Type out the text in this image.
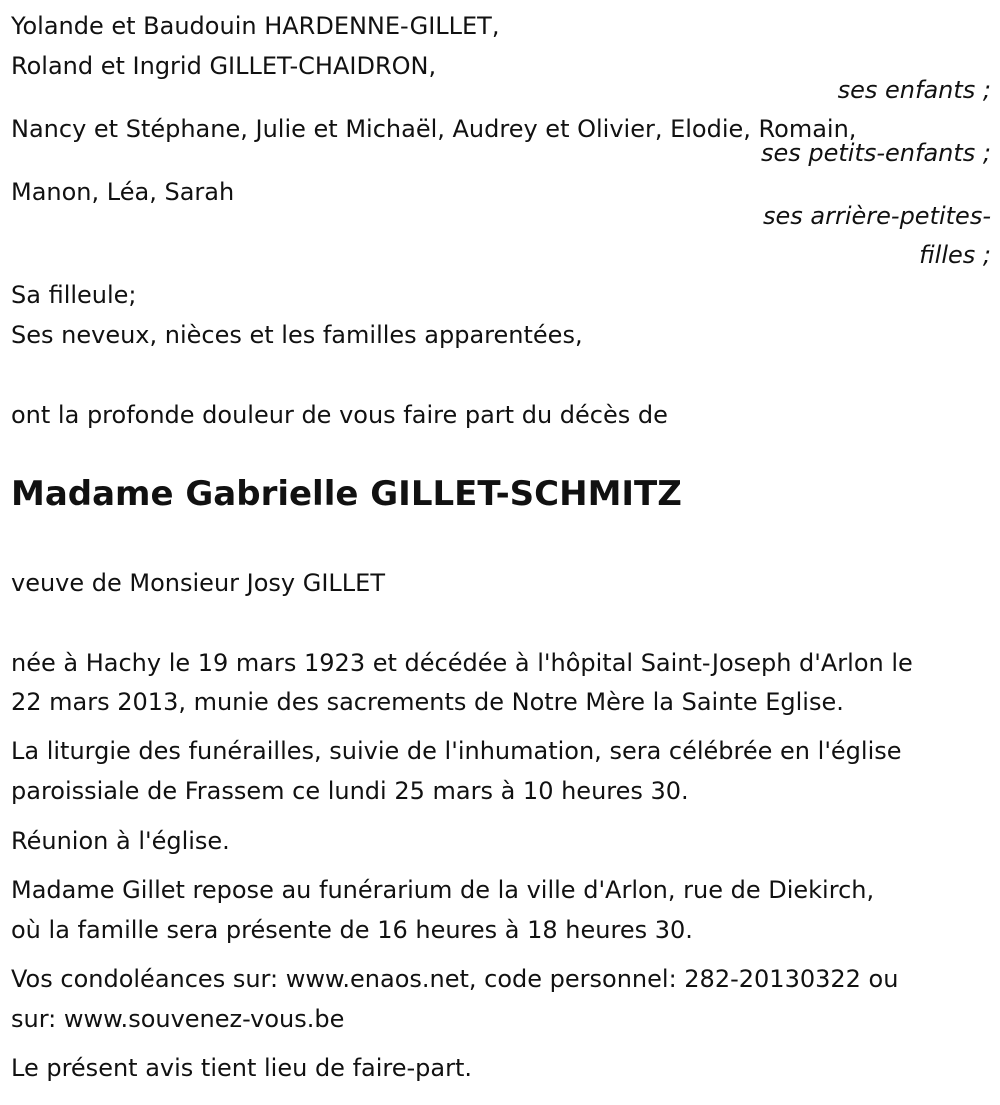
Yolande et Baudouin HARDENNE-GILLET,
Roland et Ingrid GILLET-CHAIDRON,
ses enfants ;
Nancy et Stéphane, Julie et Michaël, Audrey et Olivier, Elodie, Romain,
ses petits-enfants ;
Manon, Léa, Sarah
ses arrière-petites-
filles ;
Sa filleule;
Ses neveux, nièces et les familles apparentées,
ont la profonde douleur de vous faire part du décès de
Madame Gabrielle GILLET-SCHMITZ
veuve de Monsieur Josy GILLET
née à Hachy le 19 mars 1923 et décédée à l'hôpital Saint-Joseph d'Arlon le
22 mars 2013, munie des sacrements de Notre Mère la Sainte Eglise.
La liturgie des funérailles, suivie de l'inhumation, sera célébrée en l'église
paroissiale de Frassem ce lundi 25 mars à 10 heures 30.
Réunion à l'église.
Madame Gillet repose au funérarium de la ville d'Arlon, rue de Diekirch,
où la famille sera présente de 16 heures à 18 heures 30.
Vos condoléances sur: www.enaos.net, code personnel: 282-20130322 ou
sur: www.souvenez-vous.be
Le présent avis tient lieu de faire-part.
